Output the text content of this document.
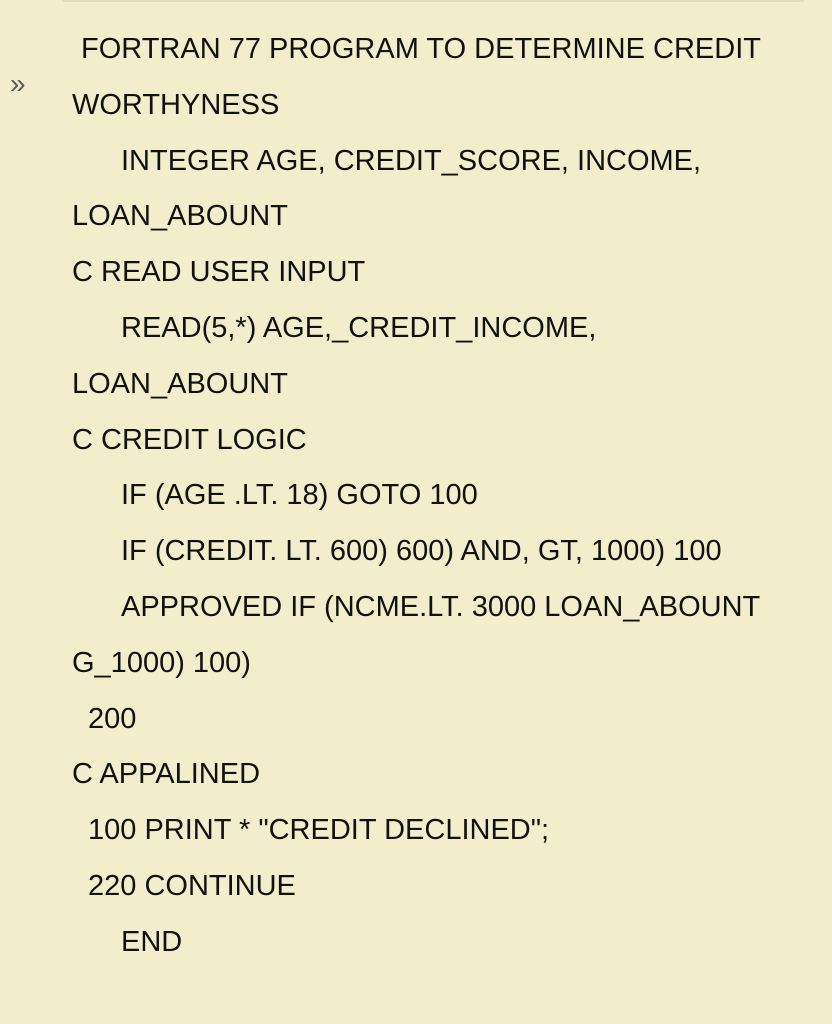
»
FORTRAN 77 PROGRAM TO DETERMINE CREDIT
WORTHYNESS
INTEGER AGE, CREDIT_SCORE, INCOME,
LOAN_ABOUNT
C READ USER INPUT
READ(5,*) AGE,_CREDIT_INCOME,
LOAN_ABOUNT
C CREDIT LOGIC
IF (AGE .LT. 18) GOTO 100
IF (CREDIT. LT. 600) 600) AND, GT, 1000) 100
APPROVED IF (NCME.LT. 3000 LOAN_ABOUNT
G_1000) 100)
200
C APPALINED
100 PRINT * "CREDIT DECLINED";
220 CONTINUE
END
